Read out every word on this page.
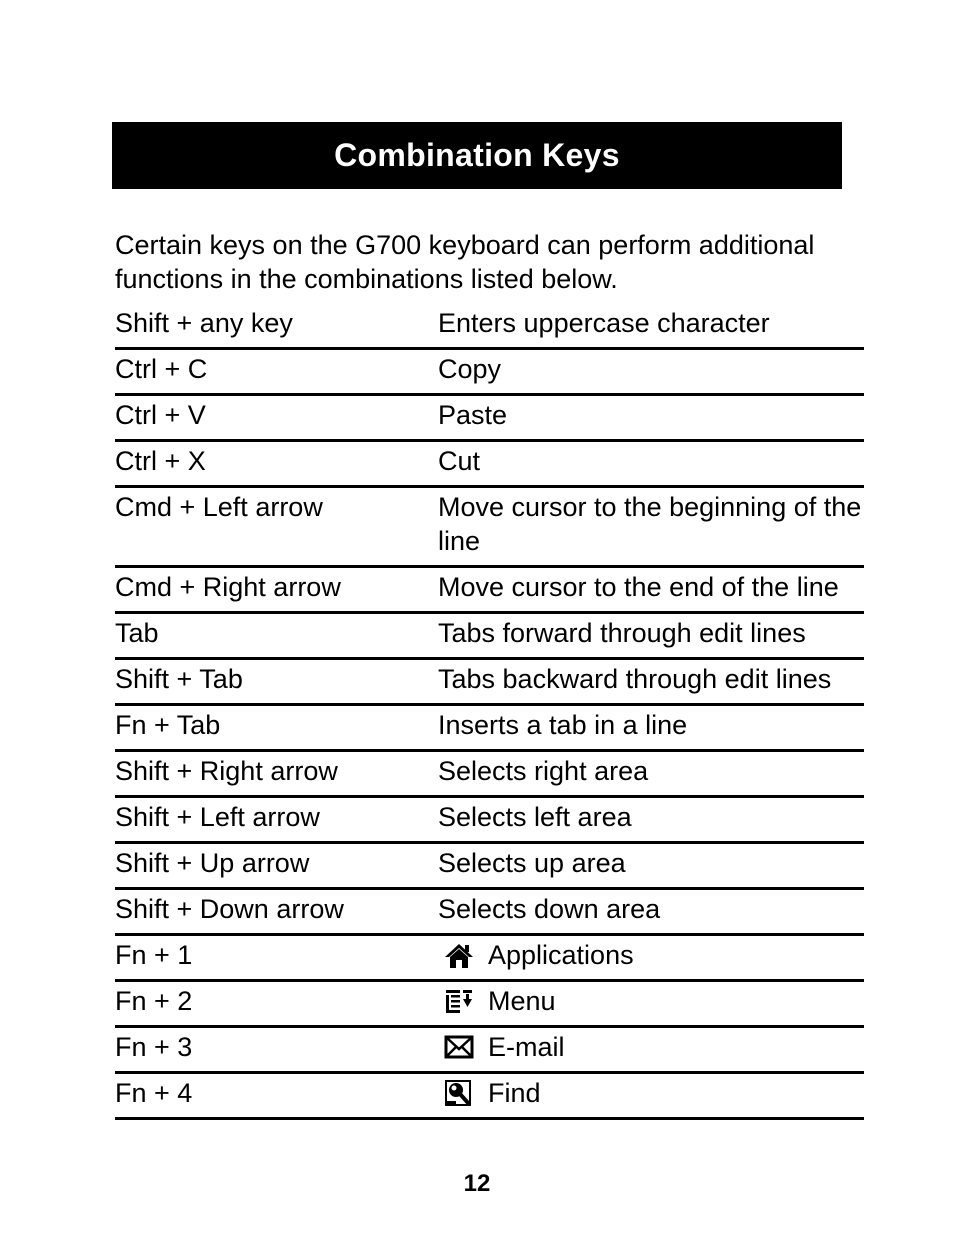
Combination Keys

Certain keys on the G700 keyboard can perform additional functions in the combinations listed below.

Shift + any key	Enters uppercase character
Ctrl + C	Copy
Ctrl + V	Paste
Ctrl + X	Cut
Cmd + Left arrow	Move cursor to the beginning of the line
Cmd + Right arrow	Move cursor to the end of the line
Tab	Tabs forward through edit lines
Shift + Tab	Tabs backward through edit lines
Fn + Tab	Inserts a tab in a line
Shift + Right arrow	Selects right area
Shift + Left arrow	Selects left area
Shift + Up arrow	Selects up area
Shift + Down arrow	Selects down area
Fn + 1	Applications
Fn + 2	Menu
Fn + 3	E-mail
Fn + 4	Find

12
